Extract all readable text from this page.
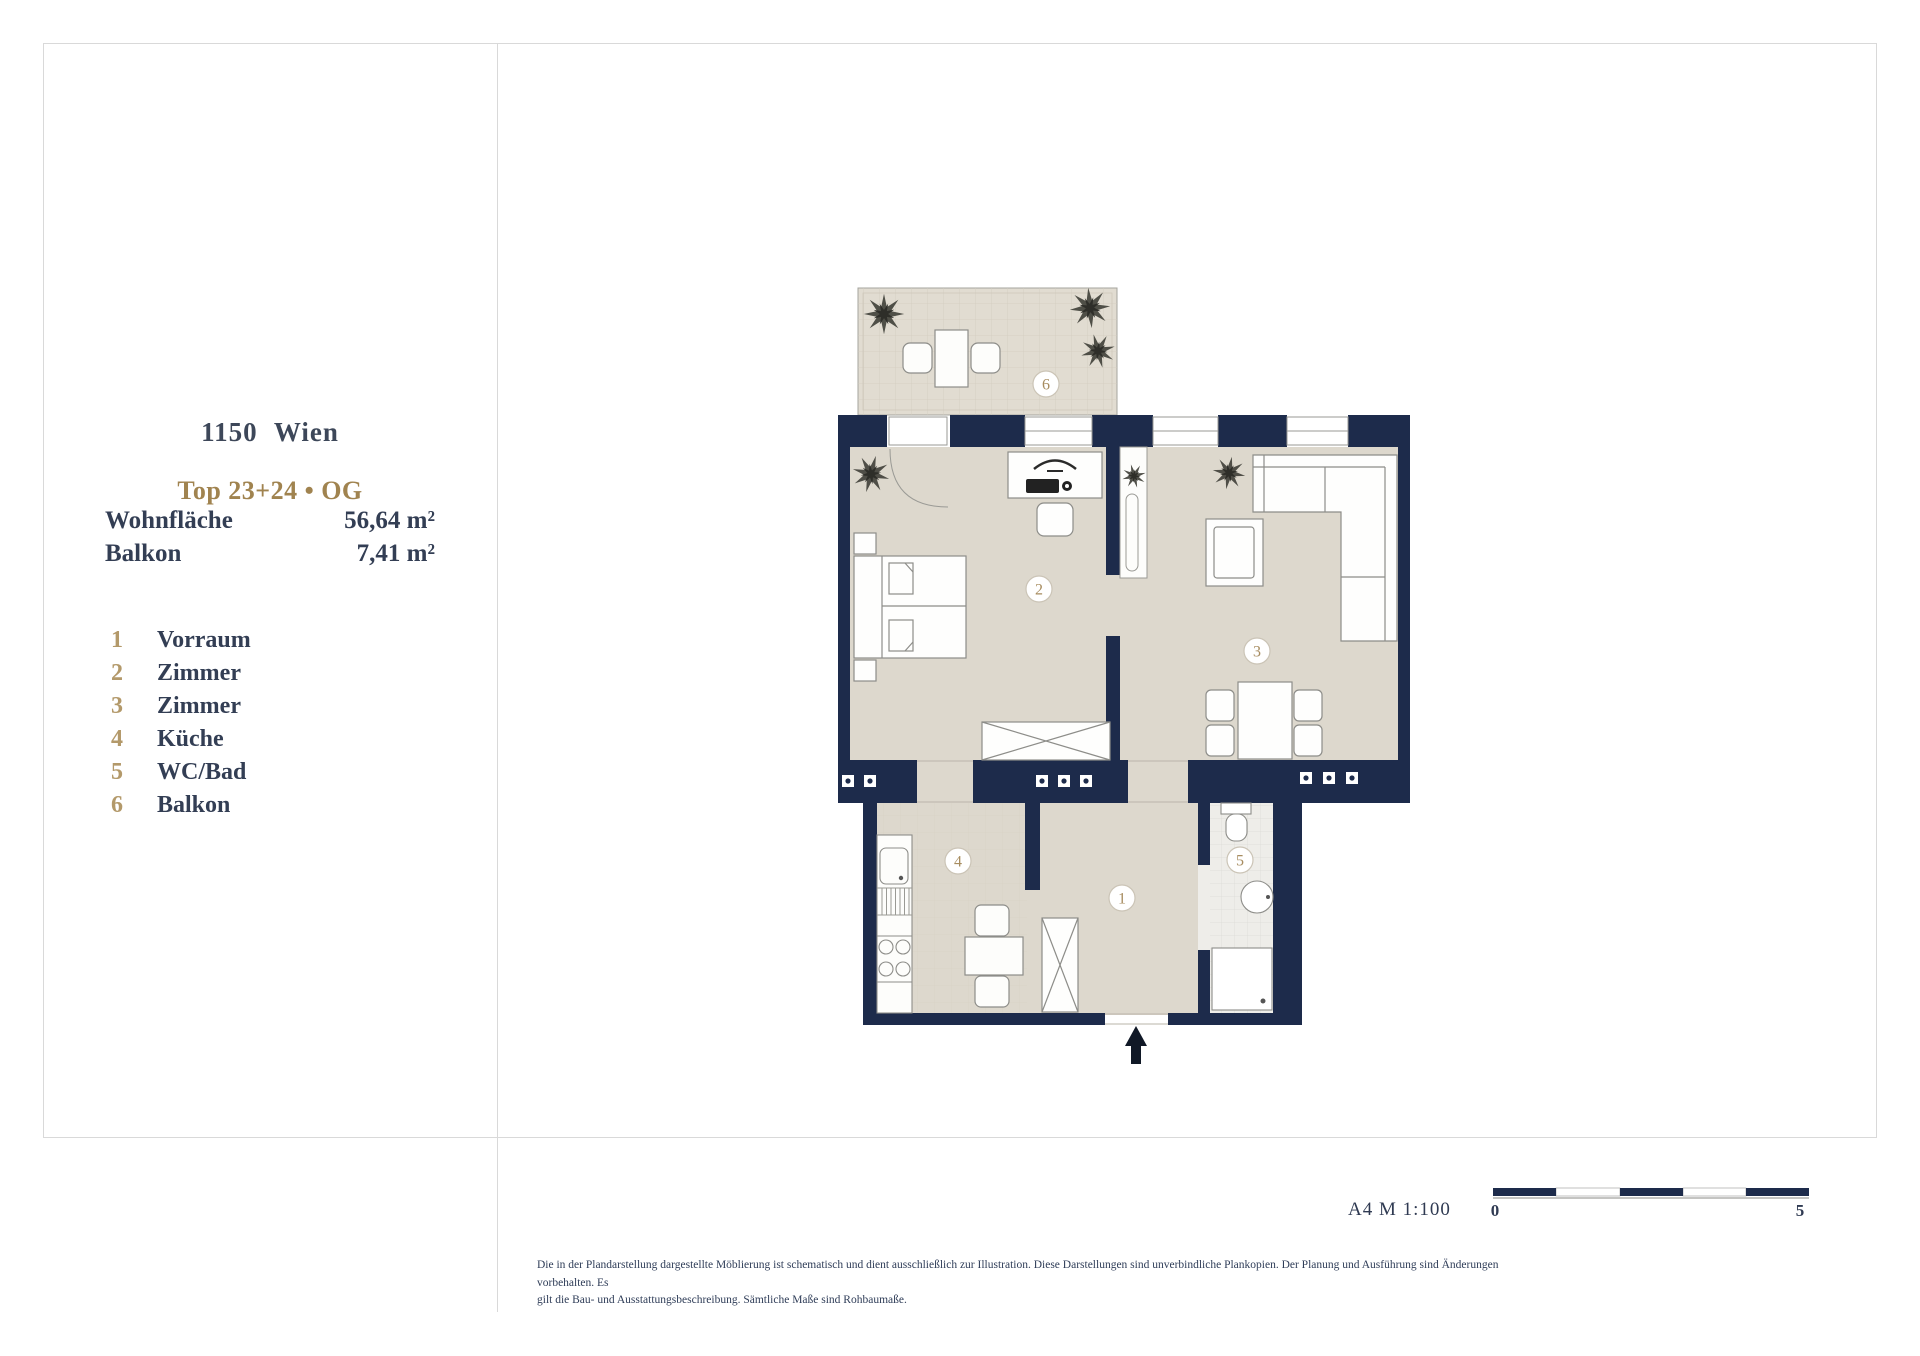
1150 Wien
Top 23+24 • OG
Wohnfläche	56,64 m²
Balkon	7,41 m²
1	Vorraum
2	Zimmer
3	Zimmer
4	Küche
5	WC/Bad
6	Balkon
1
2
3
4	5
6
A4 M 1:100	0	5
Die in der Plandarstellung dargestellte Möblierung ist schematisch und dient ausschließlich zur Illustration. Diese Darstellungen sind unverbindliche Plankopien. Der Planung und Ausführung sind Änderungen vorbehalten. Es
gilt die Bau- und Ausstattungsbeschreibung. Sämtliche Maße sind Rohbaumaße.
